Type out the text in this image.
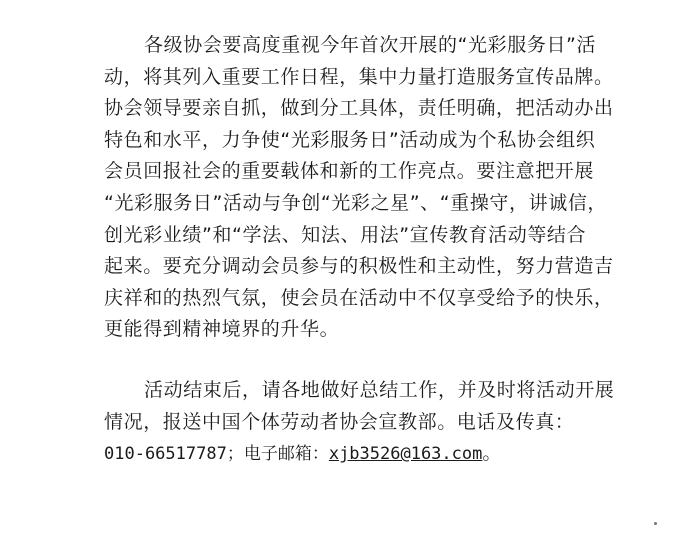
各级协会要高度重视今年首次开展的“光彩服务日”活
动，将其列入重要工作日程，集中力量打造服务宣传品牌。
协会领导要亲自抓，做到分工具体，责任明确，把活动办出
特色和水平，力争使“光彩服务日”活动成为个私协会组织
会员回报社会的重要载体和新的工作亮点。要注意把开展
“光彩服务日”活动与争创“光彩之星”、“重操守，讲诚信，
创光彩业绩”和“学法、知法、用法”宣传教育活动等结合
起来。要充分调动会员参与的积极性和主动性，努力营造吉
庆祥和的热烈气氛，使会员在活动中不仅享受给予的快乐，
更能得到精神境界的升华。
活动结束后，请各地做好总结工作，并及时将活动开展
情况，报送中国个体劳动者协会宣教部。电话及传真：
010-66517787；电子邮箱：xjb3526@163.com。
